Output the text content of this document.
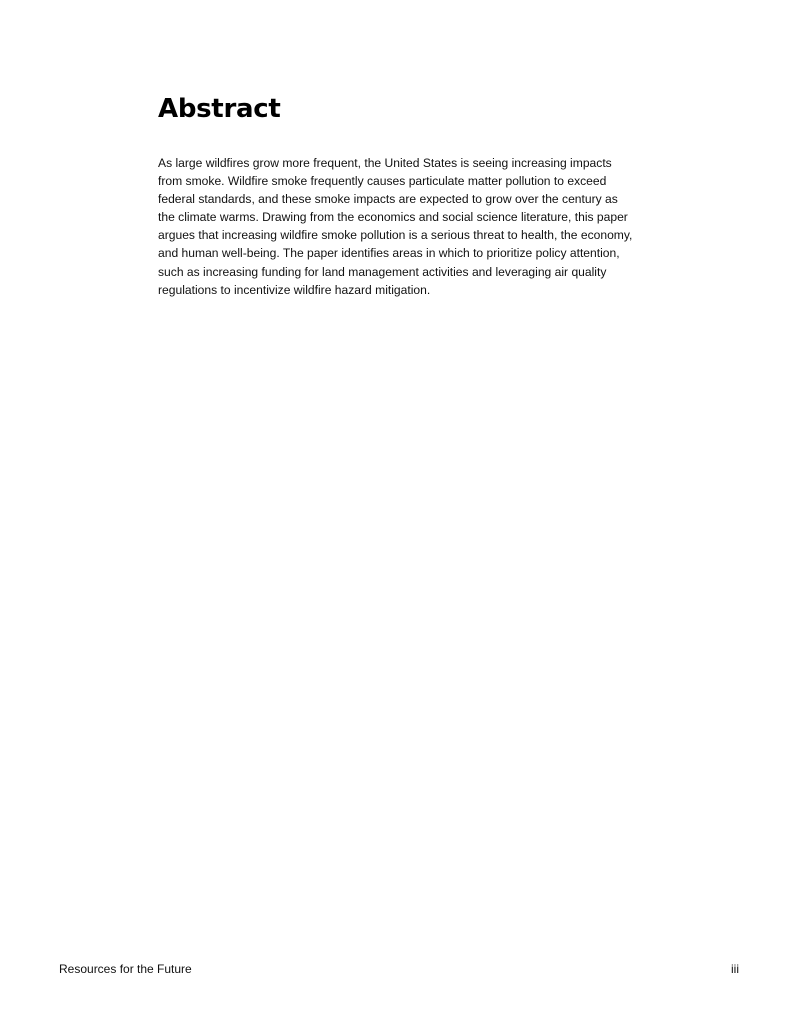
Abstract

As large wildfires grow more frequent, the United States is seeing increasing impacts from smoke. Wildfire smoke frequently causes particulate matter pollution to exceed federal standards, and these smoke impacts are expected to grow over the century as the climate warms. Drawing from the economics and social science literature, this paper argues that increasing wildfire smoke pollution is a serious threat to health, the economy, and human well-being. The paper identifies areas in which to prioritize policy attention, such as increasing funding for land management activities and leveraging air quality regulations to incentivize wildfire hazard mitigation.

Resources for the Future	iii
